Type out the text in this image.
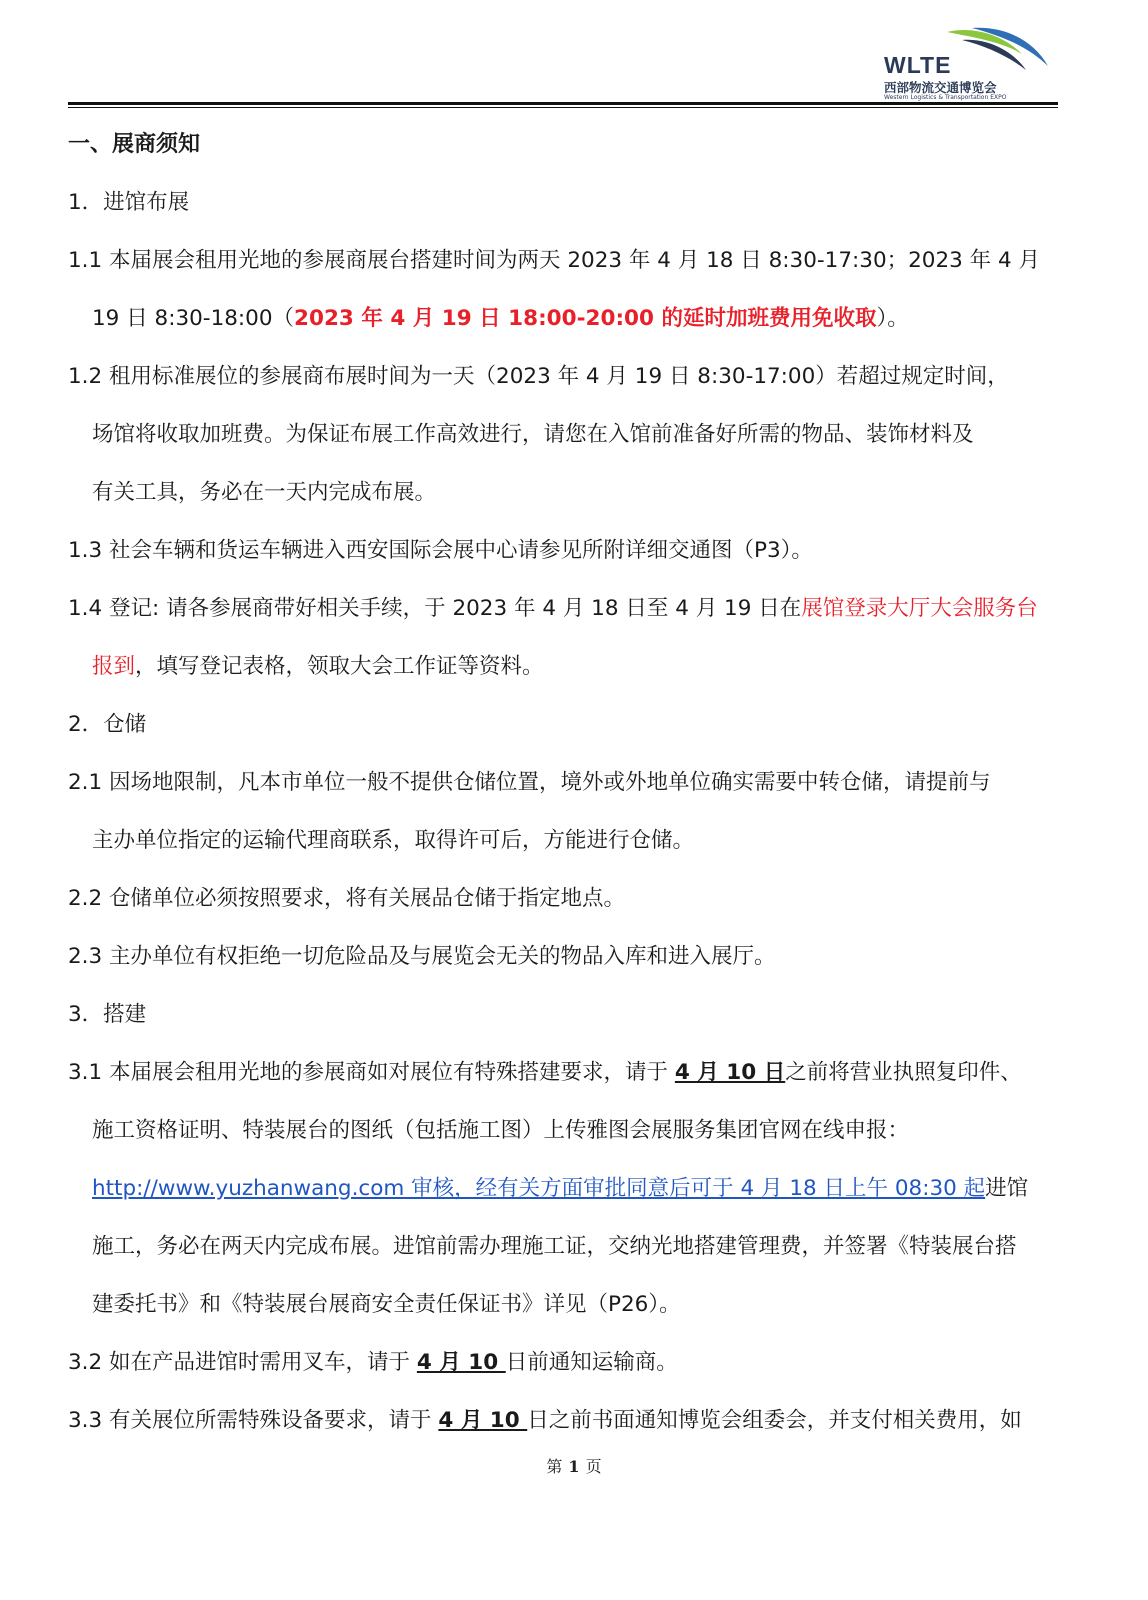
WLTE
西部物流交通博览会
Western Logistics & Transportation EXPO
一、展商须知
1．进馆布展
1.1 本届展会租用光地的参展商展台搭建时间为两天 2023 年 4 月 18 日 8:30-17:30；2023 年 4 月
19 日 8:30-18:00（2023 年 4 月 19 日 18:00-20:00 的延时加班费用免收取）。
1.2 租用标准展位的参展商布展时间为一天（2023 年 4 月 19 日 8:30-17:00）若超过规定时间，
场馆将收取加班费。为保证布展工作高效进行，请您在入馆前准备好所需的物品、装饰材料及
有关工具，务必在一天内完成布展。
1.3 社会车辆和货运车辆进入西安国际会展中心请参见所附详细交通图（P3）。
1.4 登记: 请各参展商带好相关手续，于 2023 年 4 月 18 日至 4 月 19 日在展馆登录大厅大会服务台
报到，填写登记表格，领取大会工作证等资料。
2．仓储
2.1 因场地限制，凡本市单位一般不提供仓储位置，境外或外地单位确实需要中转仓储，请提前与
主办单位指定的运输代理商联系，取得许可后，方能进行仓储。
2.2 仓储单位必须按照要求，将有关展品仓储于指定地点。
2.3 主办单位有权拒绝一切危险品及与展览会无关的物品入库和进入展厅。
3．搭建
3.1 本届展会租用光地的参展商如对展位有特殊搭建要求，请于 4 月 10 日之前将营业执照复印件、
施工资格证明、特装展台的图纸（包括施工图）上传雅图会展服务集团官网在线申报：
http://www.yuzhanwang.com 审核，经有关方面审批同意后可于 4 月 18 日上午 08:30 起进馆
施工，务必在两天内完成布展。进馆前需办理施工证，交纳光地搭建管理费，并签署《特装展台搭
建委托书》和《特装展台展商安全责任保证书》详见（P26）。
3.2 如在产品进馆时需用叉车，请于 4 月 10 日前通知运输商。
3.3 有关展位所需特殊设备要求，请于 4 月 10 日之前书面通知博览会组委会，并支付相关费用，如
第 1 页
